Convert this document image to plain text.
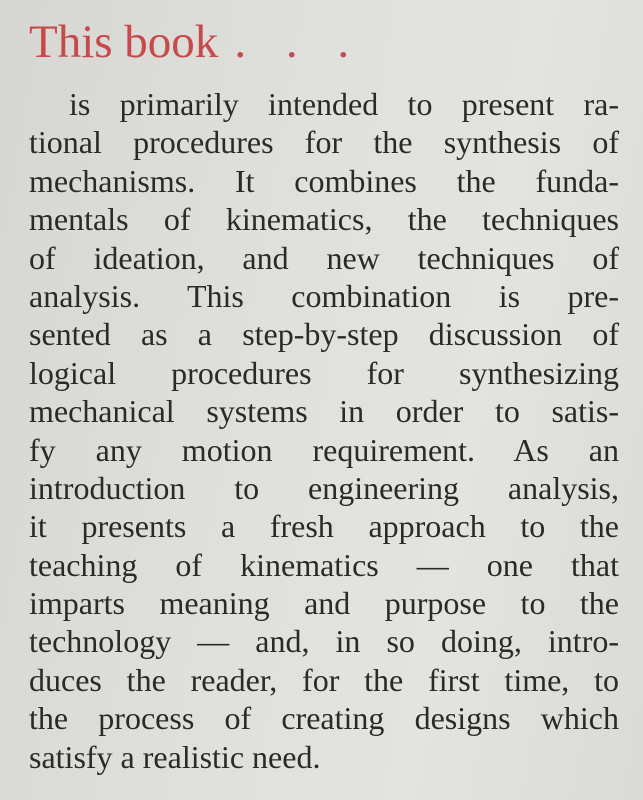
This book . . .
is primarily intended to present ra-
tional procedures for the synthesis of
mechanisms. It combines the funda-
mentals of kinematics, the techniques
of ideation, and new techniques of
analysis. This combination is pre-
sented as a step-by-step discussion of
logical procedures for synthesizing
mechanical systems in order to satis-
fy any motion requirement. As an
introduction to engineering analysis,
it presents a fresh approach to the
teaching of kinematics — one that
imparts meaning and purpose to the
technology — and, in so doing, intro-
duces the reader, for the first time, to
the process of creating designs which
satisfy a realistic need.
